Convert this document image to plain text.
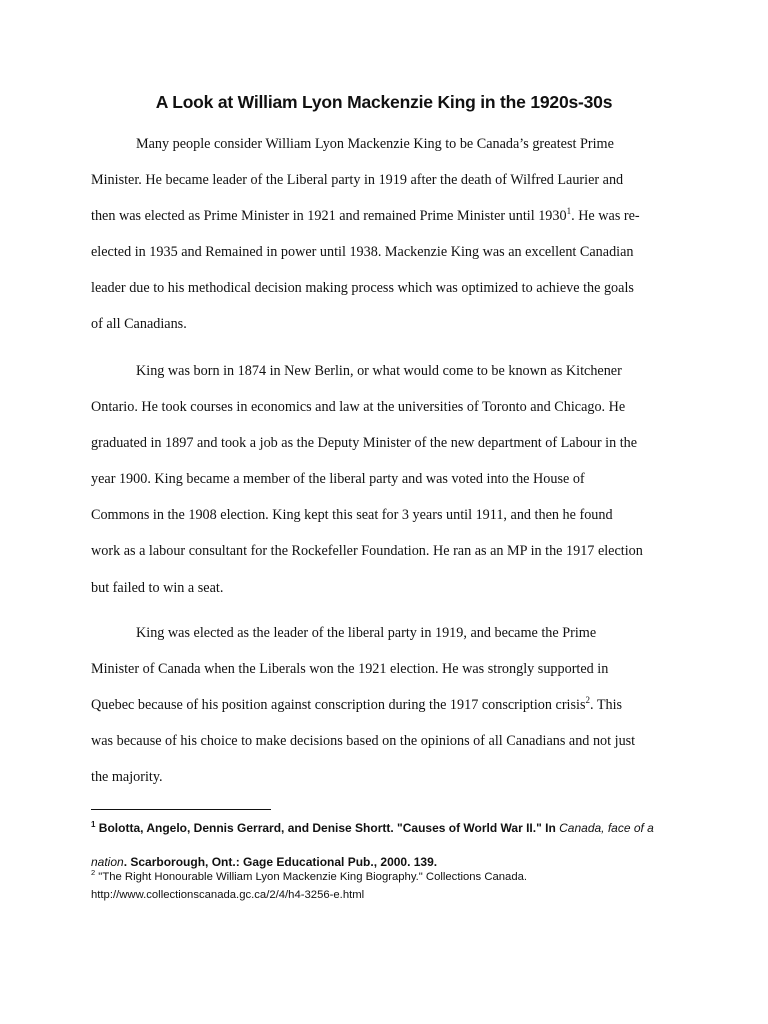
A Look at William Lyon Mackenzie King in the 1920s-30s
Many people consider William Lyon Mackenzie King to be Canada’s greatest Prime
Minister. He became leader of the Liberal party in 1919 after the death of Wilfred Laurier and
then was elected as Prime Minister in 1921 and remained Prime Minister until 1930$^1$. He was re-
elected in 1935 and Remained in power until 1938. Mackenzie King was an excellent Canadian
leader due to his methodical decision making process which was optimized to achieve the goals
of all Canadians.
King was born in 1874 in New Berlin, or what would come to be known as Kitchener
Ontario. He took courses in economics and law at the universities of Toronto and Chicago. He
graduated in 1897 and took a job as the Deputy Minister of the new department of Labour in the
year 1900. King became a member of the liberal party and was voted into the House of
Commons in the 1908 election. King kept this seat for 3 years until 1911, and then he found
work as a labour consultant for the Rockefeller Foundation. He ran as an MP in the 1917 election
but failed to win a seat.
King was elected as the leader of the liberal party in 1919, and became the Prime
Minister of Canada when the Liberals won the 1921 election. He was strongly supported in
Quebec because of his position against conscription during the 1917 conscription crisis$^2$. This
was because of his choice to make decisions based on the opinions of all Canadians and not just
the majority.
$^1$ Bolotta, Angelo, Dennis Gerrard, and Denise Shortt. "Causes of World War II." In Canada, face of a
nation. Scarborough, Ont.: Gage Educational Pub., 2000. 139.
$^2$ "The Right Honourable William Lyon Mackenzie King Biography." Collections Canada.
http://www.collectionscanada.gc.ca/2/4/h4-3256-e.html
